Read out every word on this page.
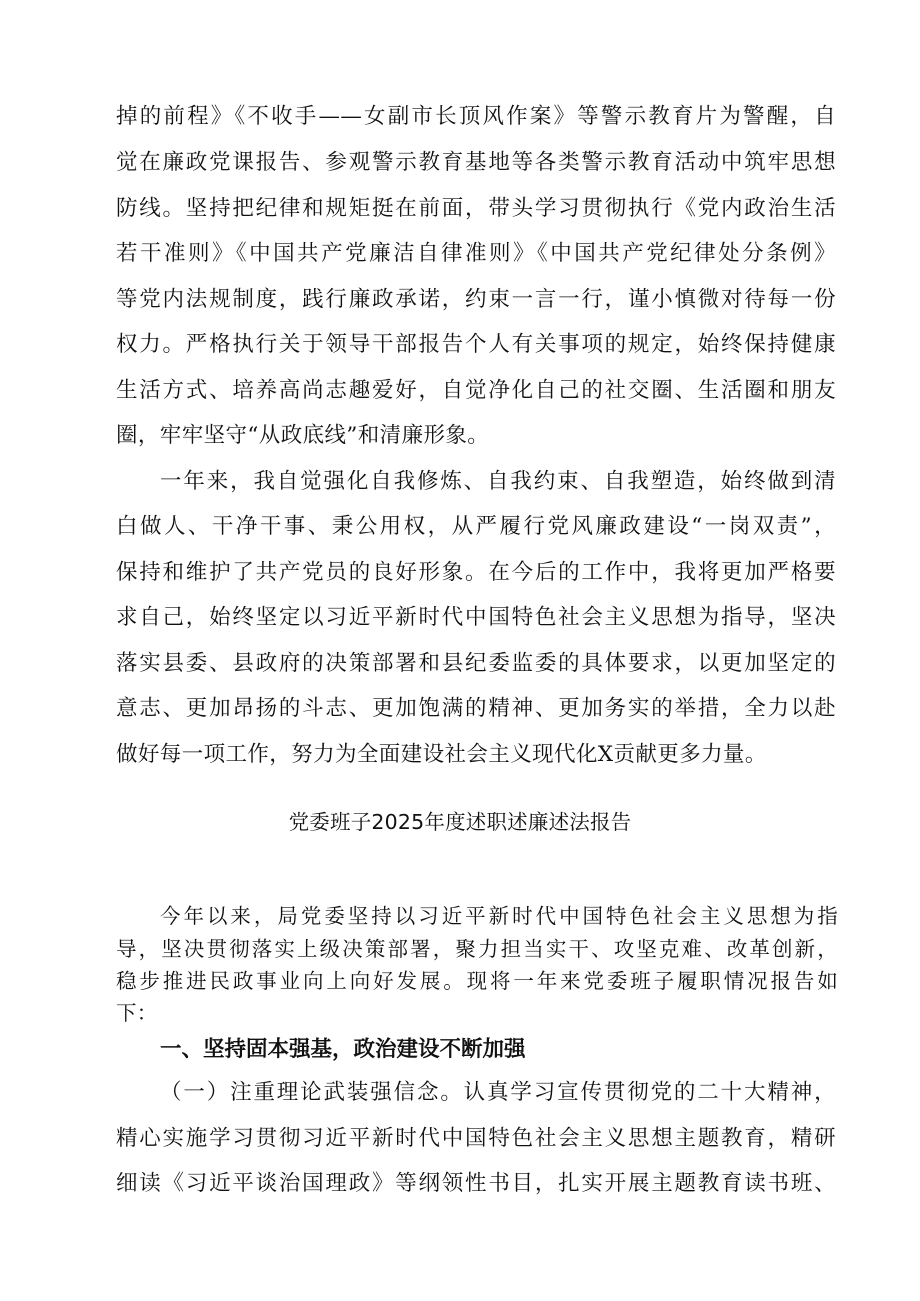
掉的前程》《不收手——女副市长顶风作案》等警示教育片为警醒，自

觉在廉政党课报告、参观警示教育基地等各类警示教育活动中筑牢思想

防线。坚持把纪律和规矩挺在前面，带头学习贯彻执行《党内政治生活

若干准则》《中国共产党廉洁自律准则》《中国共产党纪律处分条例》

等党内法规制度，践行廉政承诺，约束一言一行，谨小慎微对待每一份

权力。严格执行关于领导干部报告个人有关事项的规定，始终保持健康

生活方式、培养高尚志趣爱好，自觉净化自己的社交圈、生活圈和朋友

圈，牢牢坚守“从政底线”和清廉形象。

一年来，我自觉强化自我修炼、自我约束、自我塑造，始终做到清

白做人、干净干事、秉公用权，从严履行党风廉政建设“一岗双责”，

保持和维护了共产党员的良好形象。在今后的工作中，我将更加严格要

求自己，始终坚定以习近平新时代中国特色社会主义思想为指导，坚决

落实县委、县政府的决策部署和县纪委监委的具体要求，以更加坚定的

意志、更加昂扬的斗志、更加饱满的精神、更加务实的举措，全力以赴

做好每一项工作，努力为全面建设社会主义现代化X贡献更多力量。

党委班子2025年度述职述廉述法报告

今年以来，局党委坚持以习近平新时代中国特色社会主义思想为指

导，坚决贯彻落实上级决策部署，聚力担当实干、攻坚克难、改革创新，

稳步推进民政事业向上向好发展。现将一年来党委班子履职情况报告如

下：

一、坚持固本强基，政治建设不断加强

（一）注重理论武装强信念。认真学习宣传贯彻党的二十大精神，

精心实施学习贯彻习近平新时代中国特色社会主义思想主题教育，精研

细读《习近平谈治国理政》等纲领性书目，扎实开展主题教育读书班、
